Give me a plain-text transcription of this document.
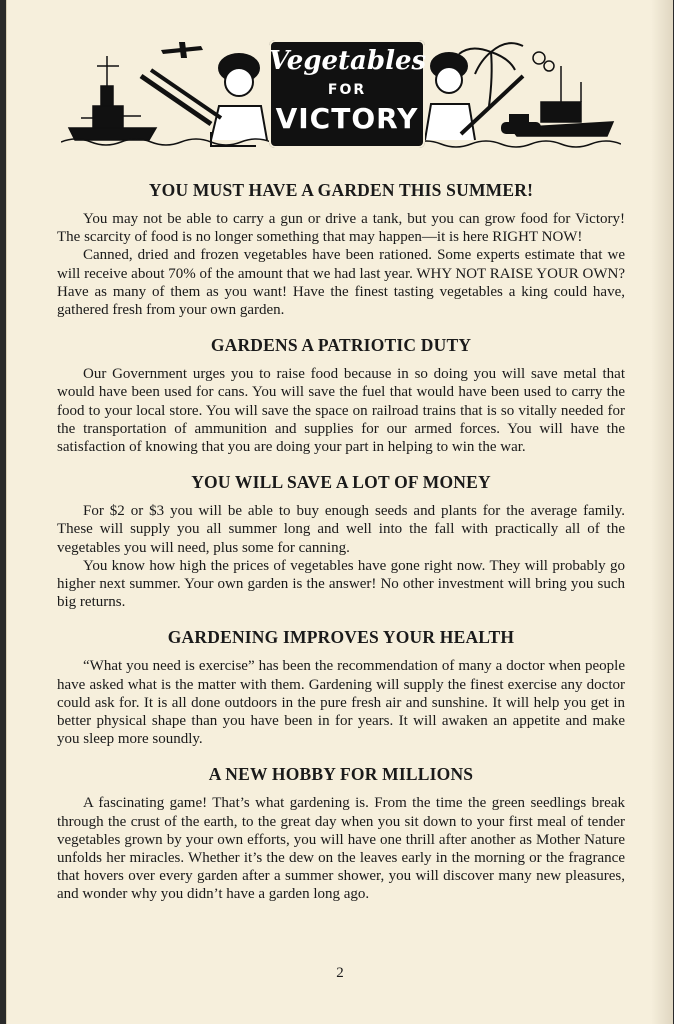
Vegetables
FOR
VICTORY
YOU MUST HAVE A GARDEN THIS SUMMER!

You may not be able to carry a gun or drive a tank, but you can grow food for Victory! The scarcity of food is no longer something that may happen—it is here RIGHT NOW!

Canned, dried and frozen vegetables have been rationed. Some experts estimate that we will receive about 70% of the amount that we had last year. WHY NOT RAISE YOUR OWN? Have as many of them as you want! Have the finest tasting vegetables a king could have, gathered fresh from your own garden.

GARDENS A PATRIOTIC DUTY

Our Government urges you to raise food because in so doing you will save metal that would have been used for cans. You will save the fuel that would have been used to carry the food to your local store. You will save the space on railroad trains that is so vitally needed for the transportation of ammunition and supplies for our armed forces. You will have the satisfaction of knowing that you are doing your part in helping to win the war.

YOU WILL SAVE A LOT OF MONEY

For $2 or $3 you will be able to buy enough seeds and plants for the average family. These will supply you all summer long and well into the fall with practically all of the vegetables you will need, plus some for canning.

You know how high the prices of vegetables have gone right now. They will probably go higher next summer. Your own garden is the answer! No other investment will bring you such big returns.

GARDENING IMPROVES YOUR HEALTH

“What you need is exercise” has been the recommendation of many a doctor when people have asked what is the matter with them. Gardening will supply the finest exercise any doctor could ask for. It is all done outdoors in the pure fresh air and sunshine. It will help you get in better physical shape than you have been in for years. It will awaken an appetite and make you sleep more soundly.

A NEW HOBBY FOR MILLIONS

A fascinating game! That’s what gardening is. From the time the green seedlings break through the crust of the earth, to the great day when you sit down to your first meal of tender vegetables grown by your own efforts, you will have one thrill after another as Mother Nature unfolds her miracles. Whether it’s the dew on the leaves early in the morning or the fragrance that hovers over every garden after a summer shower, you will discover many new pleasures, and wonder why you didn’t have a garden long ago.

2
